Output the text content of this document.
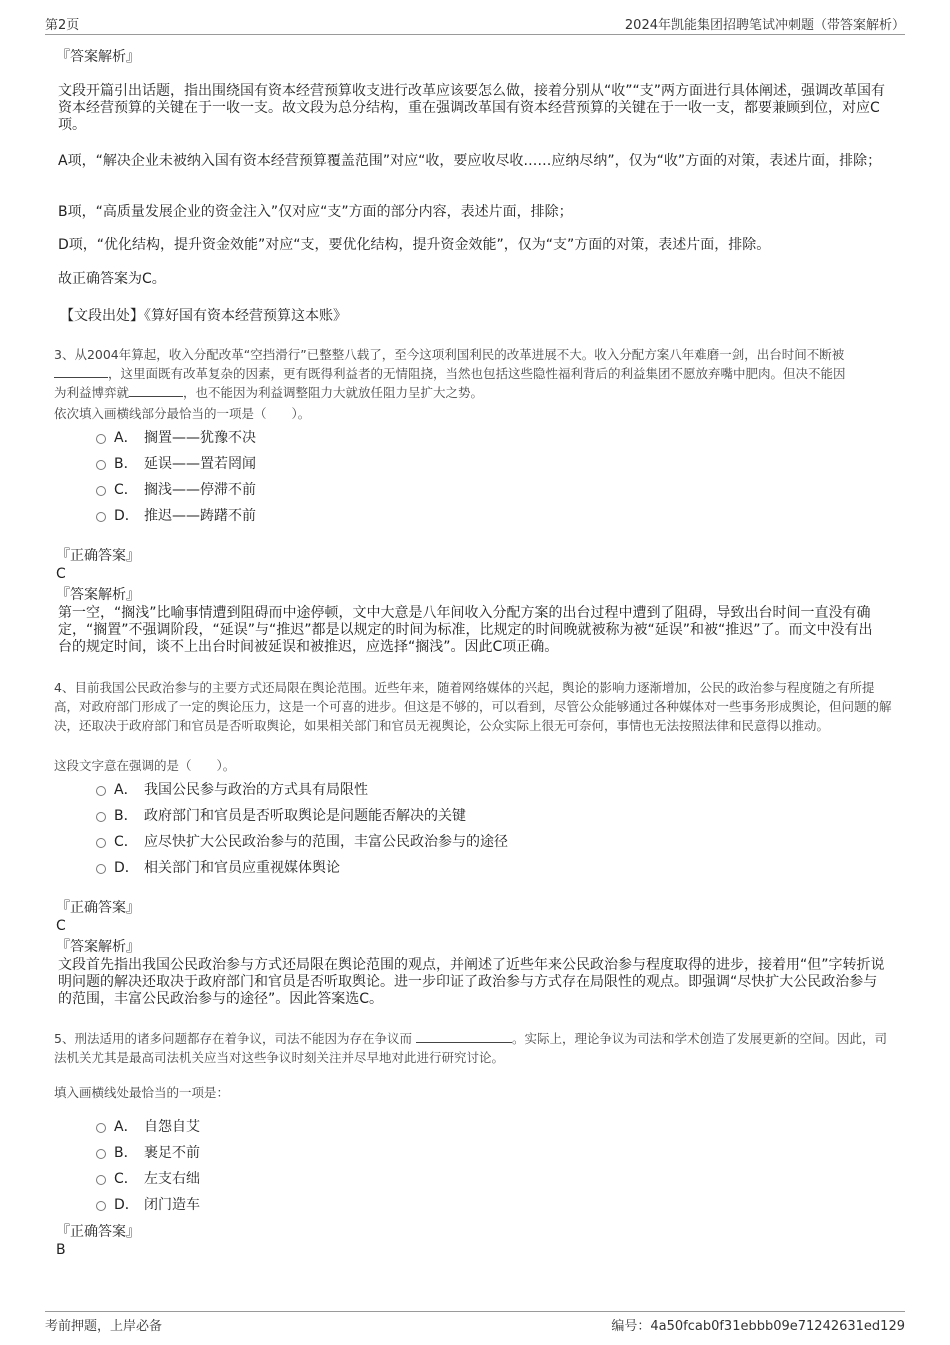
第2页	2024年凯能集团招聘笔试冲刺题（带答案解析）
『答案解析』
文段开篇引出话题，指出围绕国有资本经营预算收支进行改革应该要怎么做，接着分别从“收”“支”两方面进行具体阐述，强调改革国有资本经营预算的关键在于一收一支。故文段为总分结构，重在强调改革国有资本经营预算的关键在于一收一支，都要兼顾到位，对应C项。
A项，“解决企业未被纳入国有资本经营预算覆盖范围”对应“收，要应收尽收……应纳尽纳”，仅为“收”方面的对策，表述片面，排除；
B项，“高质量发展企业的资金注入”仅对应“支”方面的部分内容，表述片面，排除；
D项，“优化结构，提升资金效能”对应“支，要优化结构，提升资金效能”，仅为“支”方面的对策，表述片面，排除。
故正确答案为C。
【文段出处】《算好国有资本经营预算这本账》
3、从2004年算起，收入分配改革“空挡滑行”已整整八载了，至今这项利国利民的改革进展不大。收入分配方案八年难磨一剑，出台时间不断被
，这里面既有改革复杂的因素，更有既得利益者的无情阻挠，当然也包括这些隐性福利背后的利益集团不愿放弃嘴中肥肉。但决不能因
为利益博弈就	，也不能因为利益调整阻力大就放任阻力呈扩大之势。
依次填入画横线部分最恰当的一项是（　　）。
A． 搁置——犹豫不决
B． 延误——置若罔闻
C． 搁浅——停滞不前
D． 推迟——踌躇不前
『正确答案』
C
『答案解析』
第一空，“搁浅”比喻事情遭到阻碍而中途停顿，文中大意是八年间收入分配方案的出台过程中遭到了阻碍，导致出台时间一直没有确定，“搁置”不强调阶段，“延误”与“推迟”都是以规定的时间为标准，比规定的时间晚就被称为被“延误”和被“推迟”了。而文中没有出台的规定时间，谈不上出台时间被延误和被推迟，应选择“搁浅”。因此C项正确。
4、目前我国公民政治参与的主要方式还局限在舆论范围。近些年来，随着网络媒体的兴起，舆论的影响力逐渐增加，公民的政治参与程度随之有所提高，对政府部门形成了一定的舆论压力，这是一个可喜的进步。但这是不够的，可以看到，尽管公众能够通过各种媒体对一些事务形成舆论，但问题的解决，还取决于政府部门和官员是否听取舆论，如果相关部门和官员无视舆论，公众实际上很无可奈何，事情也无法按照法律和民意得以推动。
这段文字意在强调的是（　　）。
A． 我国公民参与政治的方式具有局限性
B． 政府部门和官员是否听取舆论是问题能否解决的关键
C． 应尽快扩大公民政治参与的范围，丰富公民政治参与的途径
D． 相关部门和官员应重视媒体舆论
『正确答案』
C
『答案解析』
文段首先指出我国公民政治参与方式还局限在舆论范围的观点，并阐述了近些年来公民政治参与程度取得的进步，接着用“但”字转折说明问题的解决还取决于政府部门和官员是否听取舆论。进一步印证了政治参与方式存在局限性的观点。即强调“尽快扩大公民政治参与的范围，丰富公民政治参与的途径”。因此答案选C。
5、刑法适用的诸多问题都存在着争议，司法不能因为存在争议而	。实际上，理论争议为司法和学术创造了发展更新的空间。因此，司法机关尤其是最高司法机关应当对这些争议时刻关注并尽早地对此进行研究讨论。
填入画横线处最恰当的一项是：
A． 自怨自艾
B． 裹足不前
C． 左支右绌
D． 闭门造车
『正确答案』
B
考前押题，上岸必备	编号：4a50fcab0f31ebbb09e71242631ed129
